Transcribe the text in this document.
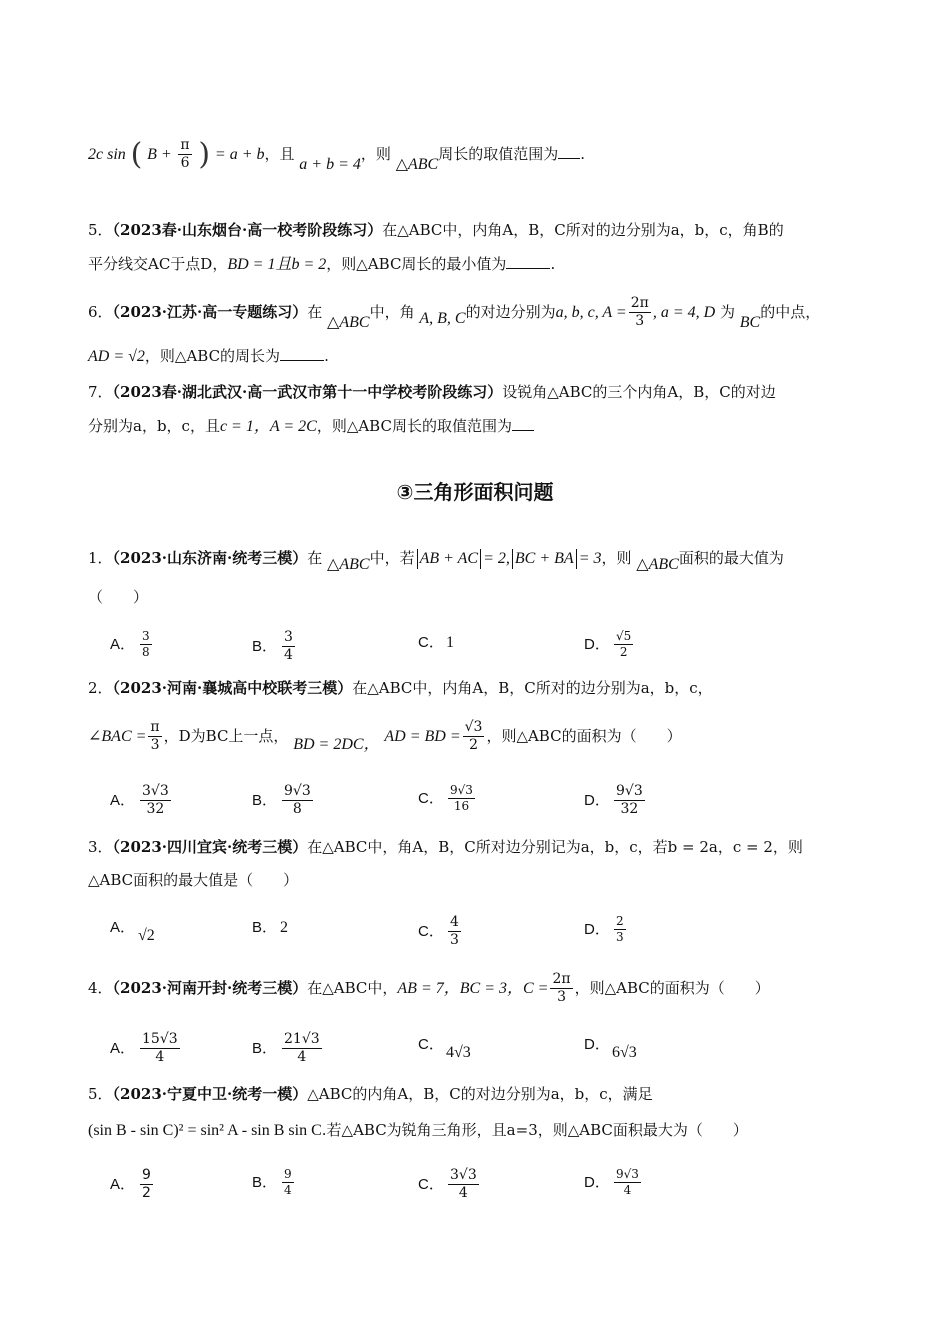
2c sin ( $B + \frac{\pi}{6}$ ) = a + b，且 a + b = 4，则 △ABC周长的取值范围为 .
5．（2023春·山东烟台·高一校考阶段练习）在△ABC中，内角A，B，C所对的边分别为a，b，c，角B的
平分线交AC于点D，BD = 1且b = 2，则△ABC周长的最小值为	.
6．（2023·江苏·高一专题练习）在 △ABC中，角 A, B, C的对边分别为a, b, c, $A = \frac{2\pi}{3}$ , a = 4, D 为 BC的中点，
AD = √2，则△ABC的周长为	.
7．（2023春·湖北武汉·高一武汉市第十一中学校考阶段练习）设锐角△ABC的三个内角A，B，C的对边
分别为a，b，c，且c = 1，A = 2C，则△ABC周长的取值范围为
③三角形面积问题
1．（2023·山东济南·统考三模）在 △ABC中，若 AB + AC = 2, BC + BA = 3，则 △ABC面积的最大值为
（　　）
A． $\frac{3}{8}$	B． $\frac{3}{4}$	C． 1	D． $\frac{√5}{2}$
2．（2023·河南·襄城高中校联考三模）在△ABC中，内角A，B，C所对的边分别为a，b，c，
∠BAC = $\frac{\pi}{3}$ ，D为BC上一点， BD = 2DC， AD = BD = $\frac{√3}{2}$ ，则△ABC的面积为（　　）
A． $\frac{3√3}{32}$	B． $\frac{9√3}{8}$	C． $\frac{9√3}{16}$	D． $\frac{9√3}{32}$
3．（2023·四川宜宾·统考三模）在△ABC中，角A，B，C所对边分别记为a，b，c，若b = 2a，c = 2，则
△ABC面积的最大值是（　　）
A． √2	B． 2	C． $\frac{4}{3}$	D． $\frac{2}{3}$
4．（2023·河南开封·统考三模）在△ABC中，AB = 7，BC = 3，$C = \frac{2\pi}{3}$ ，则△ABC的面积为（　　）
A． $\frac{15√3}{4}$	B． $\frac{21√3}{4}$	C． 4√3	D． 6√3
5．（2023·宁夏中卫·统考一模）△ABC的内角A，B，C的对边分别为a，b，c，满足
(sin B - sin C)² = sin² A - sin B sin C.若△ABC为锐角三角形，且a=3，则△ABC面积最大为（　　）
A． $\frac{9}{2}$	B． $\frac{9}{4}$	C． $\frac{3√3}{4}$	D． $\frac{9√3}{4}$
